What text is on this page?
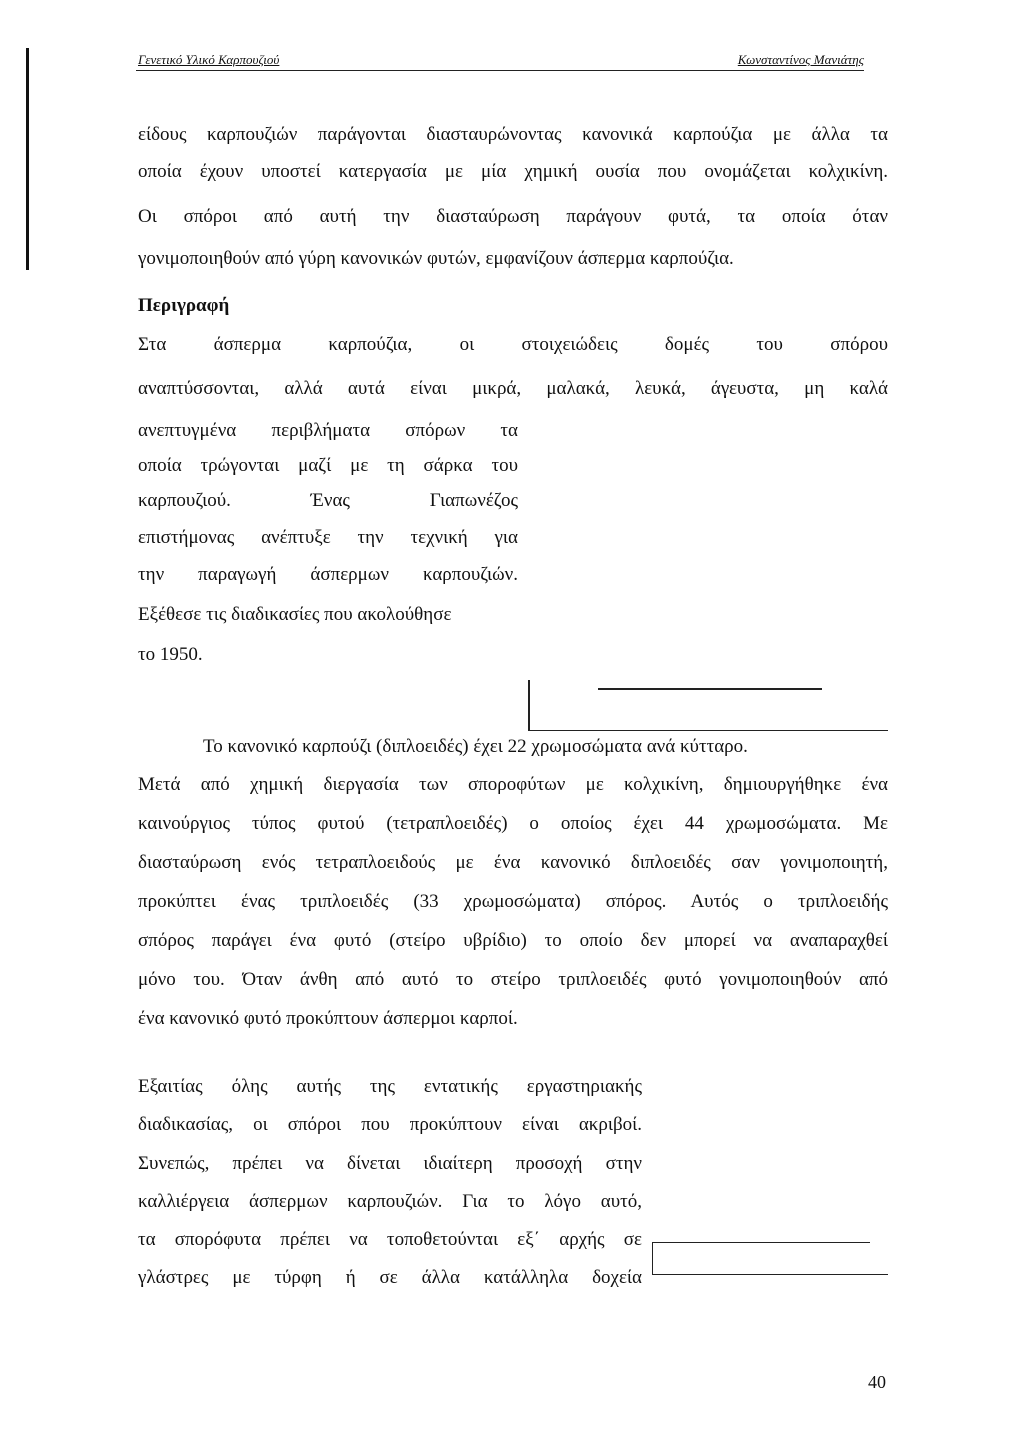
Γενετικό Υλικό Καρπουζιού	Κωνσταντίνος Μανιάτης
είδους καρπουζιών παράγονται διασταυρώνοντας κανονικά καρπούζια με άλλα τα
οποία έχουν υποστεί κατεργασία με μία χημική ουσία που ονομάζεται κολχικίνη.
Οι σπόροι από αυτή την διασταύρωση παράγουν φυτά, τα οποία όταν
γονιμοποιηθούν από γύρη κανονικών φυτών, εμφανίζουν άσπερμα καρπούζια.
Περιγραφή
Στα άσπερμα καρπούζια, οι στοιχειώδεις δομές του σπόρου
αναπτύσσονται, αλλά αυτά είναι μικρά, μαλακά, λευκά, άγευστα, μη καλά
ανεπτυγμένα περιβλήματα σπόρων τα
οποία τρώγονται μαζί με τη σάρκα του
καρπουζιού. Ένας Γιαπωνέζος
επιστήμονας ανέπτυξε την τεχνική για
την παραγωγή άσπερμων καρπουζιών.
Εξέθεσε τις διαδικασίες που ακολούθησε
το 1950.
Το κανονικό καρπούζι (διπλοειδές) έχει 22 χρωμοσώματα ανά κύτταρο.
Μετά από χημική διεργασία των σποροφύτων με κολχικίνη, δημιουργήθηκε ένα
καινούργιος τύπος φυτού (τετραπλοειδές) ο οποίος έχει 44 χρωμοσώματα. Με
διασταύρωση ενός τετραπλοειδούς με ένα κανονικό διπλοειδές σαν γονιμοποιητή,
προκύπτει ένας τριπλοειδές (33 χρωμοσώματα) σπόρος. Αυτός ο τριπλοειδής
σπόρος παράγει ένα φυτό (στείρο υβρίδιο) το οποίο δεν μπορεί να αναπαραχθεί
μόνο του. Όταν άνθη από αυτό το στείρο τριπλοειδές φυτό γονιμοποιηθούν από
ένα κανονικό φυτό προκύπτουν άσπερμοι καρποί.
Εξαιτίας όλης αυτής της εντατικής εργαστηριακής
διαδικασίας, οι σπόροι που προκύπτουν είναι ακριβοί.
Συνεπώς, πρέπει να δίνεται ιδιαίτερη προσοχή στην
καλλιέργεια άσπερμων καρπουζιών. Για το λόγο αυτό,
τα σπορόφυτα πρέπει να τοποθετούνται εξ΄ αρχής σε
γλάστρες με τύρφη ή σε άλλα κατάλληλα δοχεία
40
